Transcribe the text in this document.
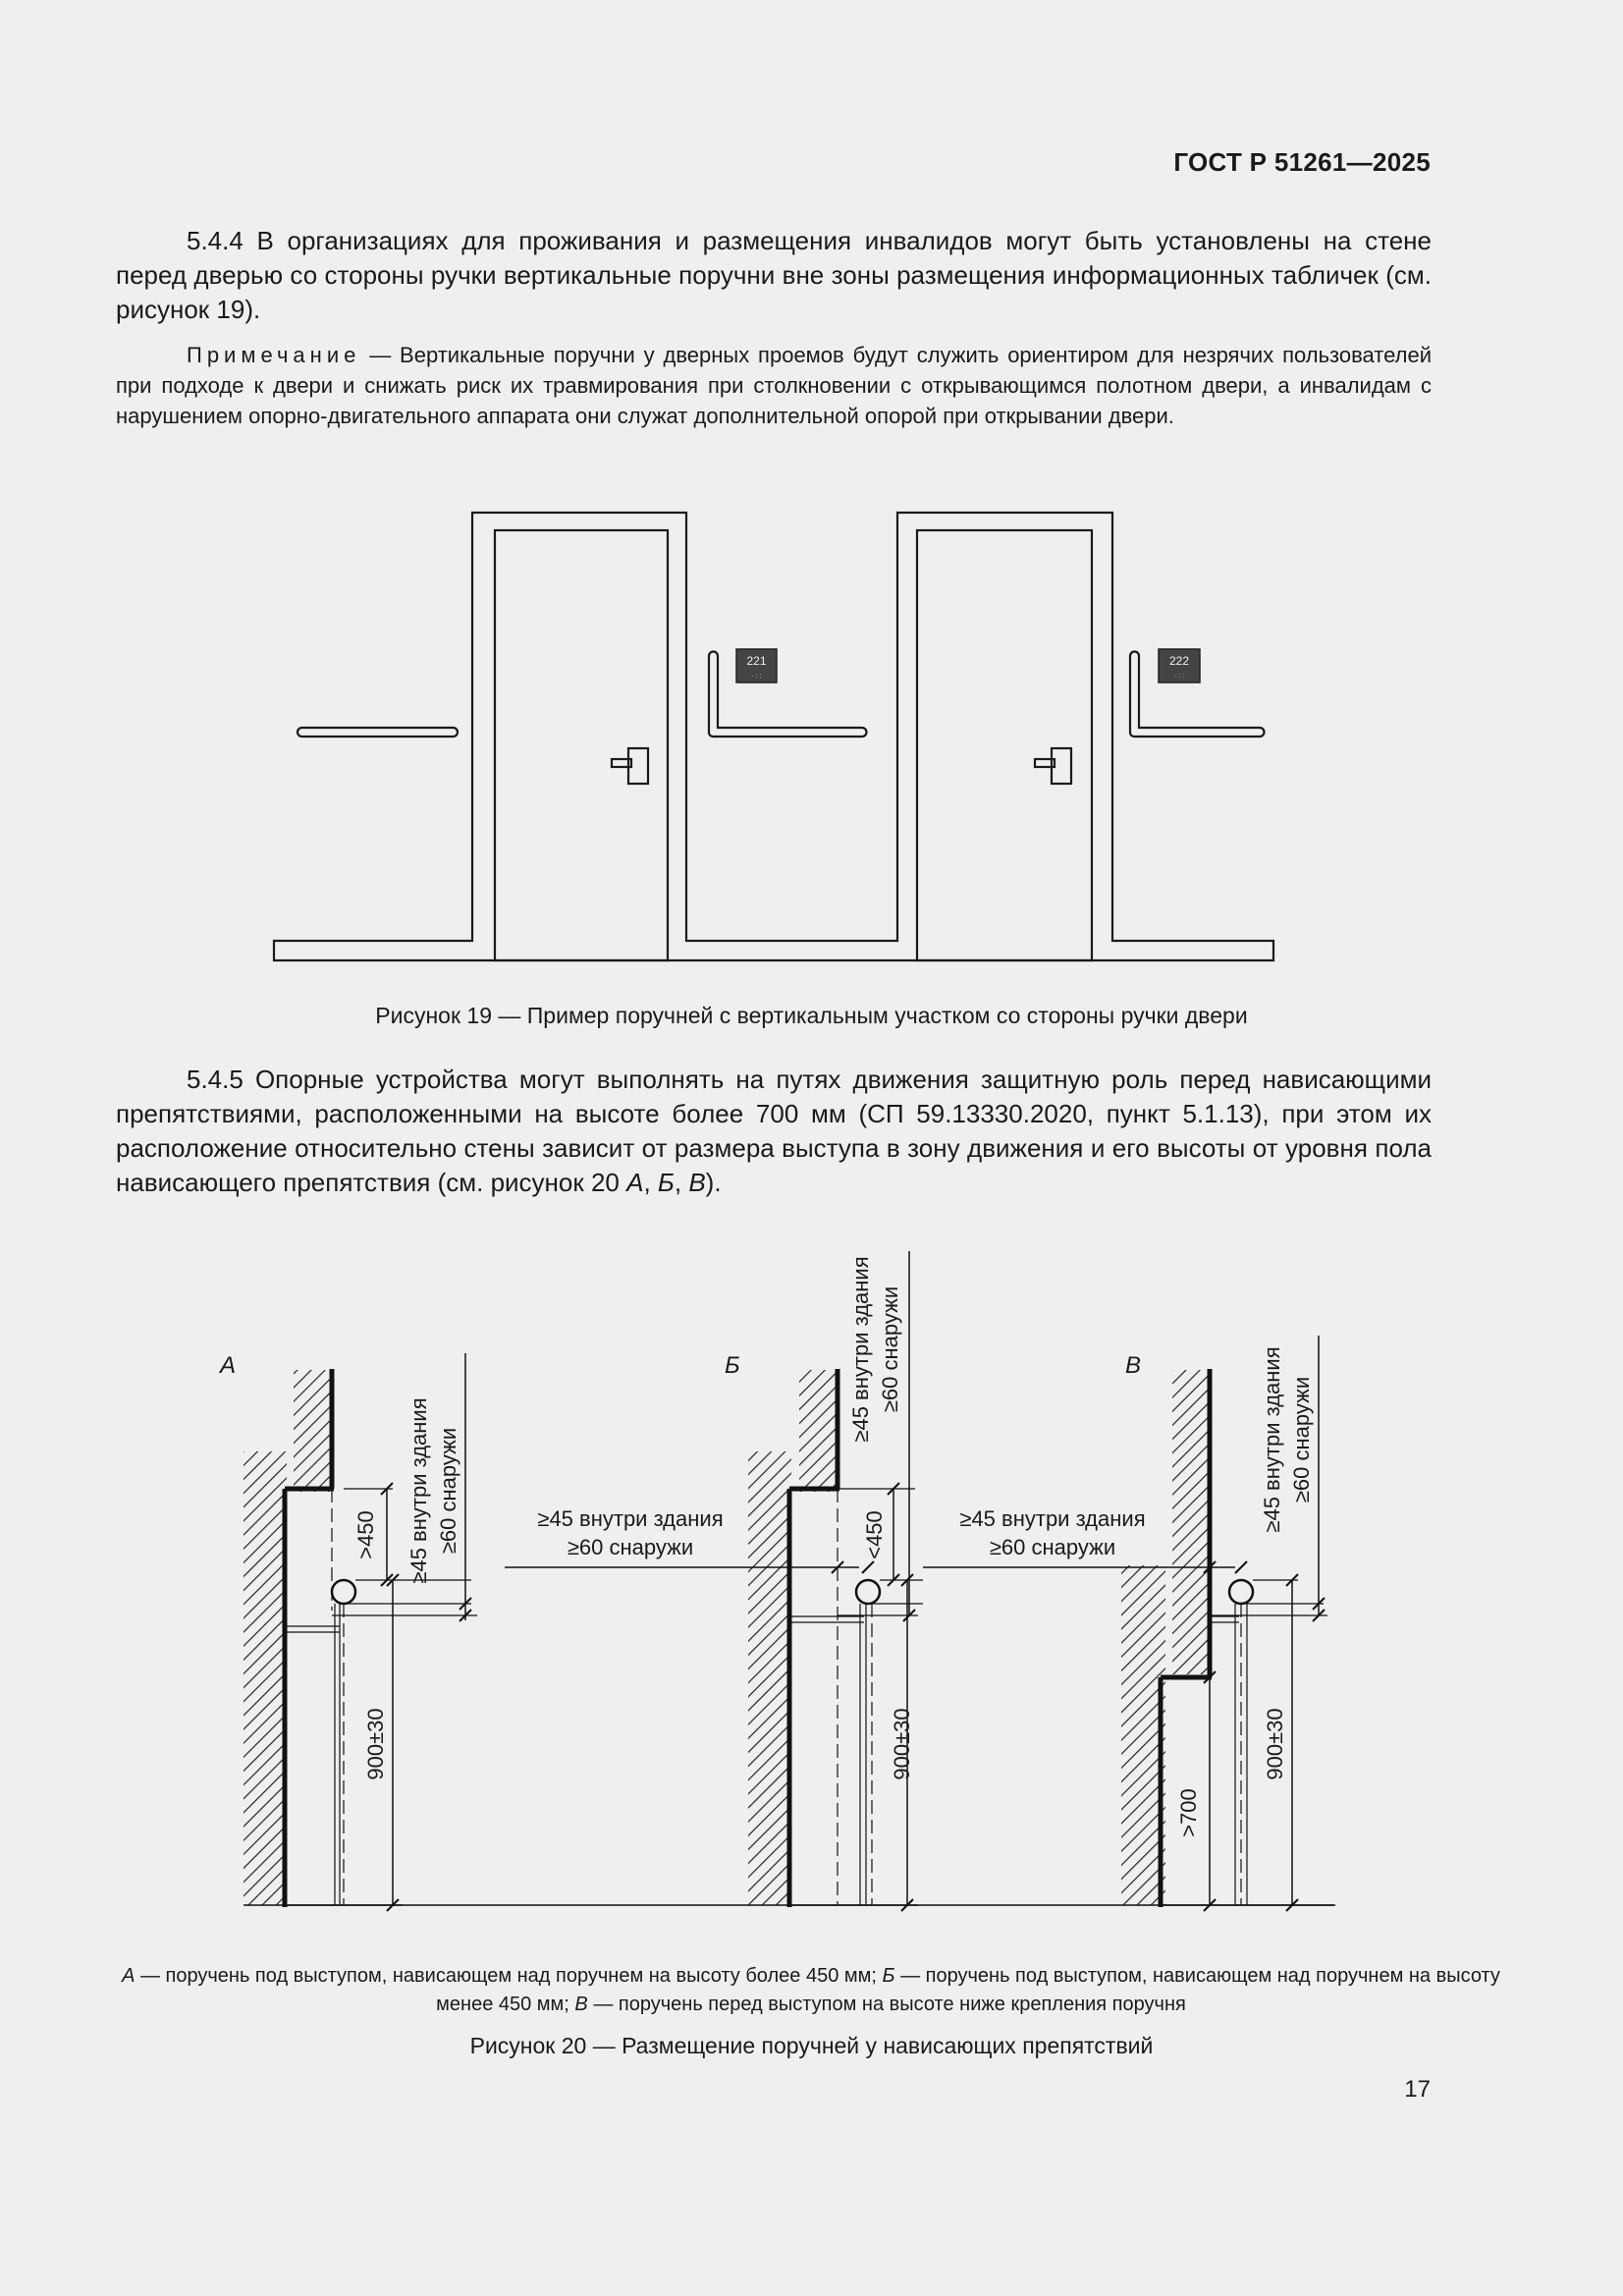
ГОСТ Р 51261—2025
5.4.4 В организациях для проживания и размещения инвалидов могут быть установлены на стене перед дверью со стороны ручки вертикальные поручни вне зоны размещения информационных табличек (см. рисунок 19).
Примечание — Вертикальные поручни у дверных проемов будут служить ориентиром для незрячих пользователей при подходе к двери и снижать риск их травмирования при столкновении с открывающимся полотном двери, а инвалидам с нарушением опорно-двигательного аппарата они служат дополнительной опорой при открывании двери.
221
· : :
222
· : :
Рисунок 19 — Пример поручней с вертикальным участком со стороны ручки двери
5.4.5 Опорные устройства могут выполнять на путях движения защитную роль перед нависающими препятствиями, расположенными на высоте более 700 мм (СП 59.13330.2020, пункт 5.1.13), при этом их расположение относительно стены зависит от размера выступа в зону движения и его высоты от уровня пола нависающего препятствия (см. рисунок 20 А, Б, В).
А	Б	В
>450 ≥45 внутри здания ≥60 снаружи
900±30
<450
≥45 внутри здания ≥60 снаружи
≥45 внутри здания
≥60 снаружи
900±30
>700
≥45 внутри здания ≥60 снаружи
≥45 внутри здания
≥60 снаружи
900±30
А — поручень под выступом, нависающем над поручнем на высоту более 450 мм; Б — поручень под выступом, нависающем над поручнем на высоту менее 450 мм; В — поручень перед выступом на высоте ниже крепления поручня
Рисунок 20 — Размещение поручней у нависающих препятствий
17
